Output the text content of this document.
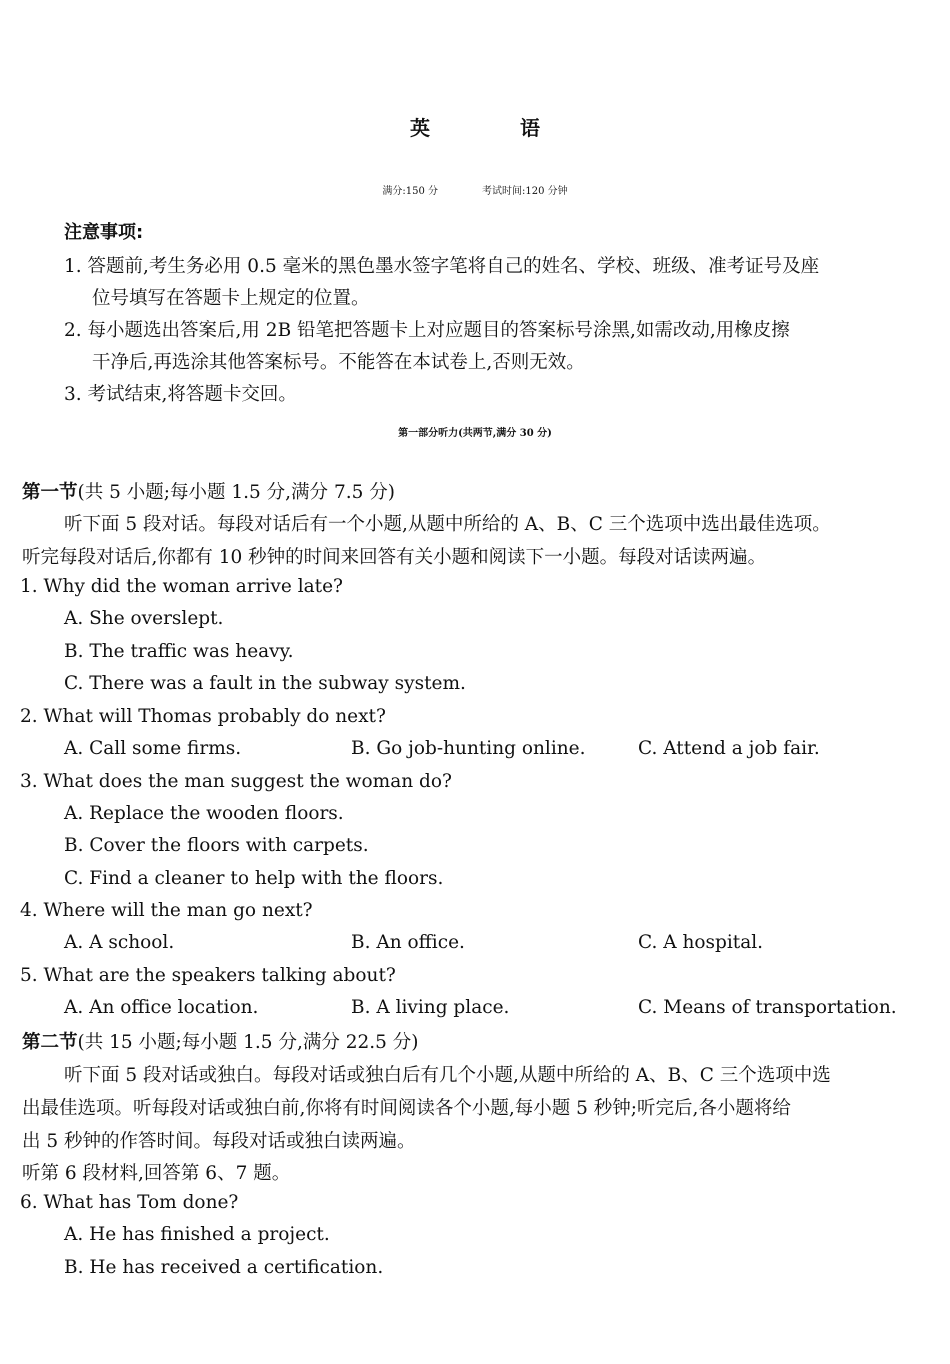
英	语
满分:150 分	考试时间:120 分钟
注意事项:
1. 答题前,考生务必用 0.5 毫米的黑色墨水签字笔将自己的姓名、学校、班级、准考证号及座
位号填写在答题卡上规定的位置。
2. 每小题选出答案后,用 2B 铅笔把答题卡上对应题目的答案标号涂黑,如需改动,用橡皮擦
干净后,再选涂其他答案标号。不能答在本试卷上,否则无效。
3. 考试结束,将答题卡交回。
第一部分听力(共两节,满分 30 分)
第一节(共 5 小题;每小题 1.5 分,满分 7.5 分)
听下面 5 段对话。每段对话后有一个小题,从题中所给的 A、B、C 三个选项中选出最佳选项。
听完每段对话后,你都有 10 秒钟的时间来回答有关小题和阅读下一小题。每段对话读两遍。
1. Why did the woman arrive late?
A. She overslept.
B. The traffic was heavy.
C. There was a fault in the subway system.
2. What will Thomas probably do next?
A. Call some firms.	B. Go job-hunting online.	C. Attend a job fair.
3. What does the man suggest the woman do?
A. Replace the wooden floors.
B. Cover the floors with carpets.
C. Find a cleaner to help with the floors.
4. Where will the man go next?
A. A school.	B. An office.	C. A hospital.
5. What are the speakers talking about?
A. An office location.	B. A living place.	C. Means of transportation.
第二节(共 15 小题;每小题 1.5 分,满分 22.5 分)
听下面 5 段对话或独白。每段对话或独白后有几个小题,从题中所给的 A、B、C 三个选项中选
出最佳选项。听每段对话或独白前,你将有时间阅读各个小题,每小题 5 秒钟;听完后,各小题将给
出 5 秒钟的作答时间。每段对话或独白读两遍。
听第 6 段材料,回答第 6、7 题。
6. What has Tom done?
A. He has finished a project.
B. He has received a certification.
